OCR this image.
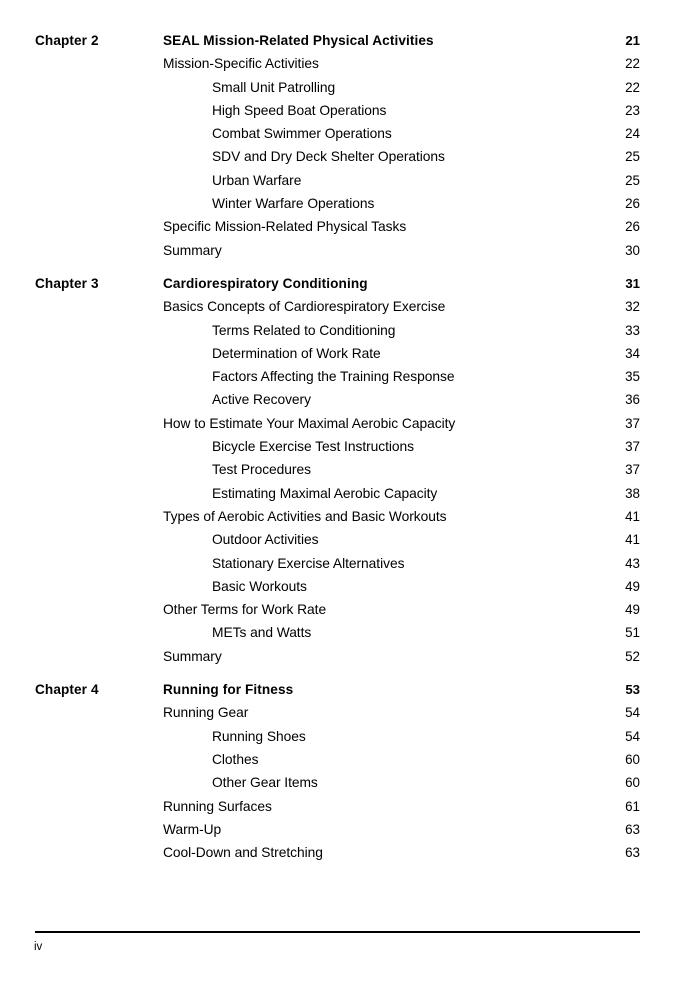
Chapter 2	SEAL Mission-Related Physical Activities	21
Mission-Specific Activities	22
Small Unit Patrolling	22
High Speed Boat Operations	23
Combat Swimmer Operations	24
SDV and Dry Deck Shelter Operations	25
Urban Warfare	25
Winter Warfare Operations	26
Specific Mission-Related Physical Tasks	26
Summary	30
Chapter 3	Cardiorespiratory Conditioning	31
Basics Concepts of Cardiorespiratory Exercise	32
Terms Related to Conditioning	33
Determination of Work Rate	34
Factors Affecting the Training Response	35
Active Recovery	36
How to Estimate Your Maximal Aerobic Capacity	37
Bicycle Exercise Test Instructions	37
Test Procedures	37
Estimating Maximal Aerobic Capacity	38
Types of Aerobic Activities and Basic Workouts	41
Outdoor Activities	41
Stationary Exercise Alternatives	43
Basic Workouts	49
Other Terms for Work Rate	49
METs and Watts	51
Summary	52
Chapter 4	Running for Fitness	53
Running Gear	54
Running Shoes	54
Clothes	60
Other Gear Items	60
Running Surfaces	61
Warm-Up	63
Cool-Down and Stretching	63
iv
